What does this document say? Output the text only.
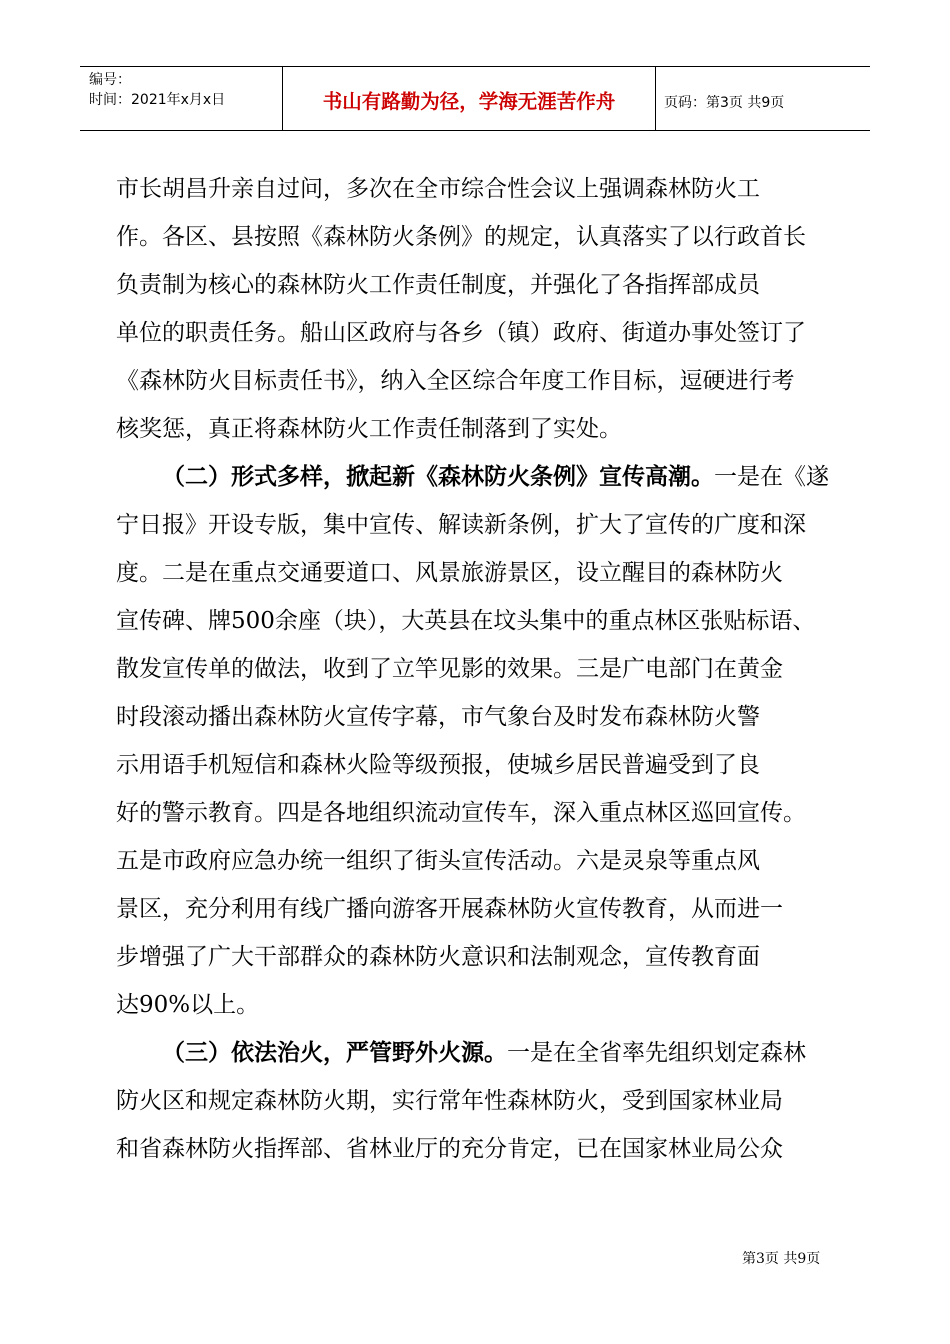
编号：
时间：2021年x月x日	书山有路勤为径，学海无涯苦作舟	页码：第3页 共9页
市长胡昌升亲自过问，多次在全市综合性会议上强调森林防火工
作。各区、县按照《森林防火条例》的规定，认真落实了以行政首长
负责制为核心的森林防火工作责任制度，并强化了各指挥部成员
单位的职责任务。船山区政府与各乡（镇）政府、街道办事处签订了
《森林防火目标责任书》，纳入全区综合年度工作目标，逗硬进行考
核奖惩，真正将森林防火工作责任制落到了实处。
（二）形式多样，掀起新《森林防火条例》宣传高潮。一是在《遂
宁日报》开设专版，集中宣传、解读新条例，扩大了宣传的广度和深
度。二是在重点交通要道口、风景旅游景区，设立醒目的森林防火
宣传碑、牌500余座（块），大英县在坟头集中的重点林区张贴标语、
散发宣传单的做法，收到了立竿见影的效果。三是广电部门在黄金
时段滚动播出森林防火宣传字幕，市气象台及时发布森林防火警
示用语手机短信和森林火险等级预报，使城乡居民普遍受到了良
好的警示教育。四是各地组织流动宣传车，深入重点林区巡回宣传。
五是市政府应急办统一组织了街头宣传活动。六是灵泉等重点风
景区，充分利用有线广播向游客开展森林防火宣传教育，从而进一
步增强了广大干部群众的森林防火意识和法制观念，宣传教育面
达90%以上。
（三）依法治火，严管野外火源。一是在全省率先组织划定森林
防火区和规定森林防火期，实行常年性森林防火，受到国家林业局
和省森林防火指挥部、省林业厅的充分肯定，已在国家林业局公众
第3页 共9页
